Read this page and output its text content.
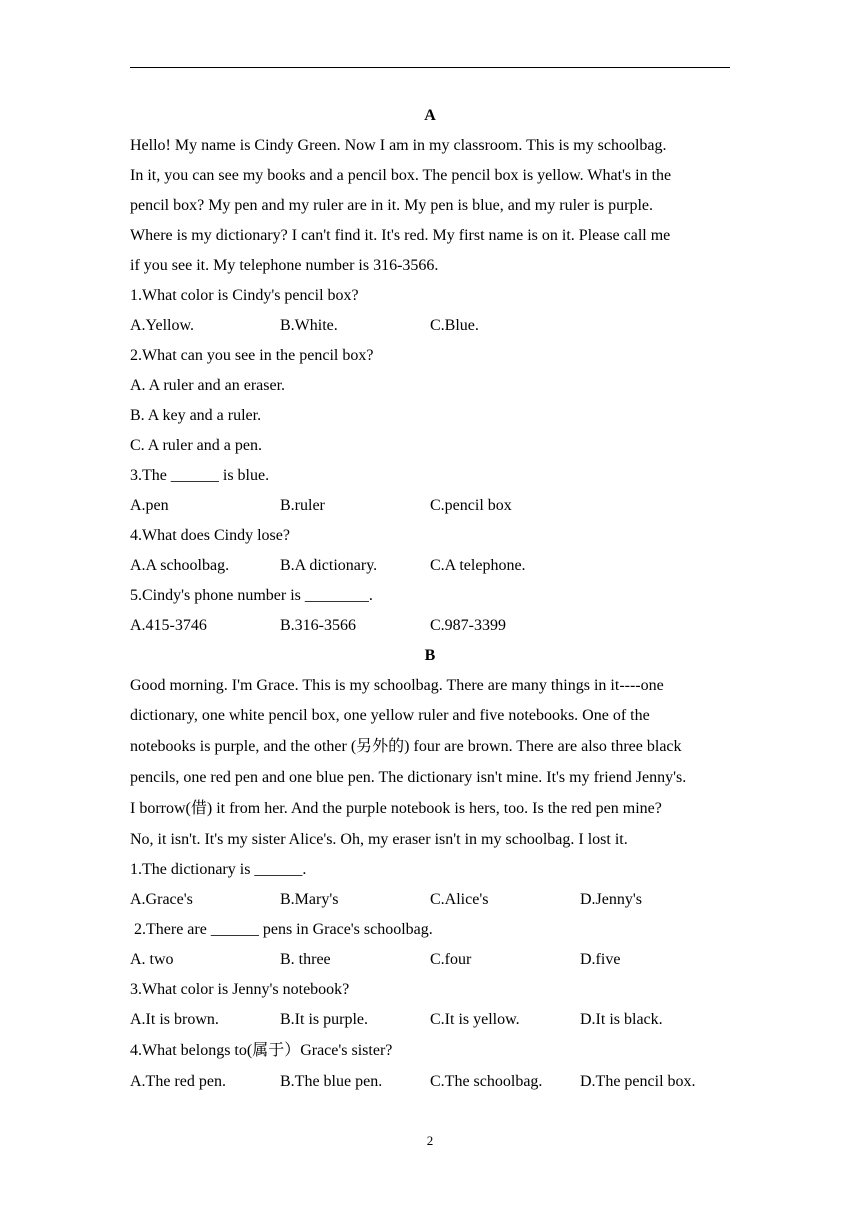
A
Hello! My name is Cindy Green. Now I am in my classroom. This is my schoolbag.
In it, you can see my books and a pencil box. The pencil box is yellow. What's in the
pencil box? My pen and my ruler are in it. My pen is blue, and my ruler is purple.
Where is my dictionary? I can't find it. It's red. My first name is on it. Please call me
if you see it. My telephone number is 316-3566.
1.What color is Cindy's pencil box?
A.Yellow.	B.White.	C.Blue.
2.What can you see in the pencil box?
A. A ruler and an eraser.
B. A key and a ruler.
C. A ruler and a pen.
3.The ______ is blue.
A.pen	B.ruler	C.pencil box
4.What does Cindy lose?
A.A schoolbag.	B.A dictionary.	C.A telephone.
5.Cindy's phone number is ________.
A.415-3746	B.316-3566	C.987-3399
B
Good morning. I'm Grace. This is my schoolbag. There are many things in it----one
dictionary, one white pencil box, one yellow ruler and five notebooks. One of the
notebooks is purple, and the other (另外的) four are brown. There are also three black
pencils, one red pen and one blue pen. The dictionary isn't mine. It's my friend Jenny's.
I borrow(借) it from her. And the purple notebook is hers, too. Is the red pen mine?
No, it isn't. It's my sister Alice's. Oh, my eraser isn't in my schoolbag. I lost it.
1.The dictionary is ______.
A.Grace's	B.Mary's	C.Alice's	D.Jenny's
2.There are ______ pens in Grace's schoolbag.
A. two	B. three	C.four	D.five
3.What color is Jenny's notebook?
A.It is brown.	B.It is purple.	C.It is yellow.	D.It is black.
4.What belongs to(属于）Grace's sister?
A.The red pen.	B.The blue pen.	C.The schoolbag.	D.The pencil box.
2
